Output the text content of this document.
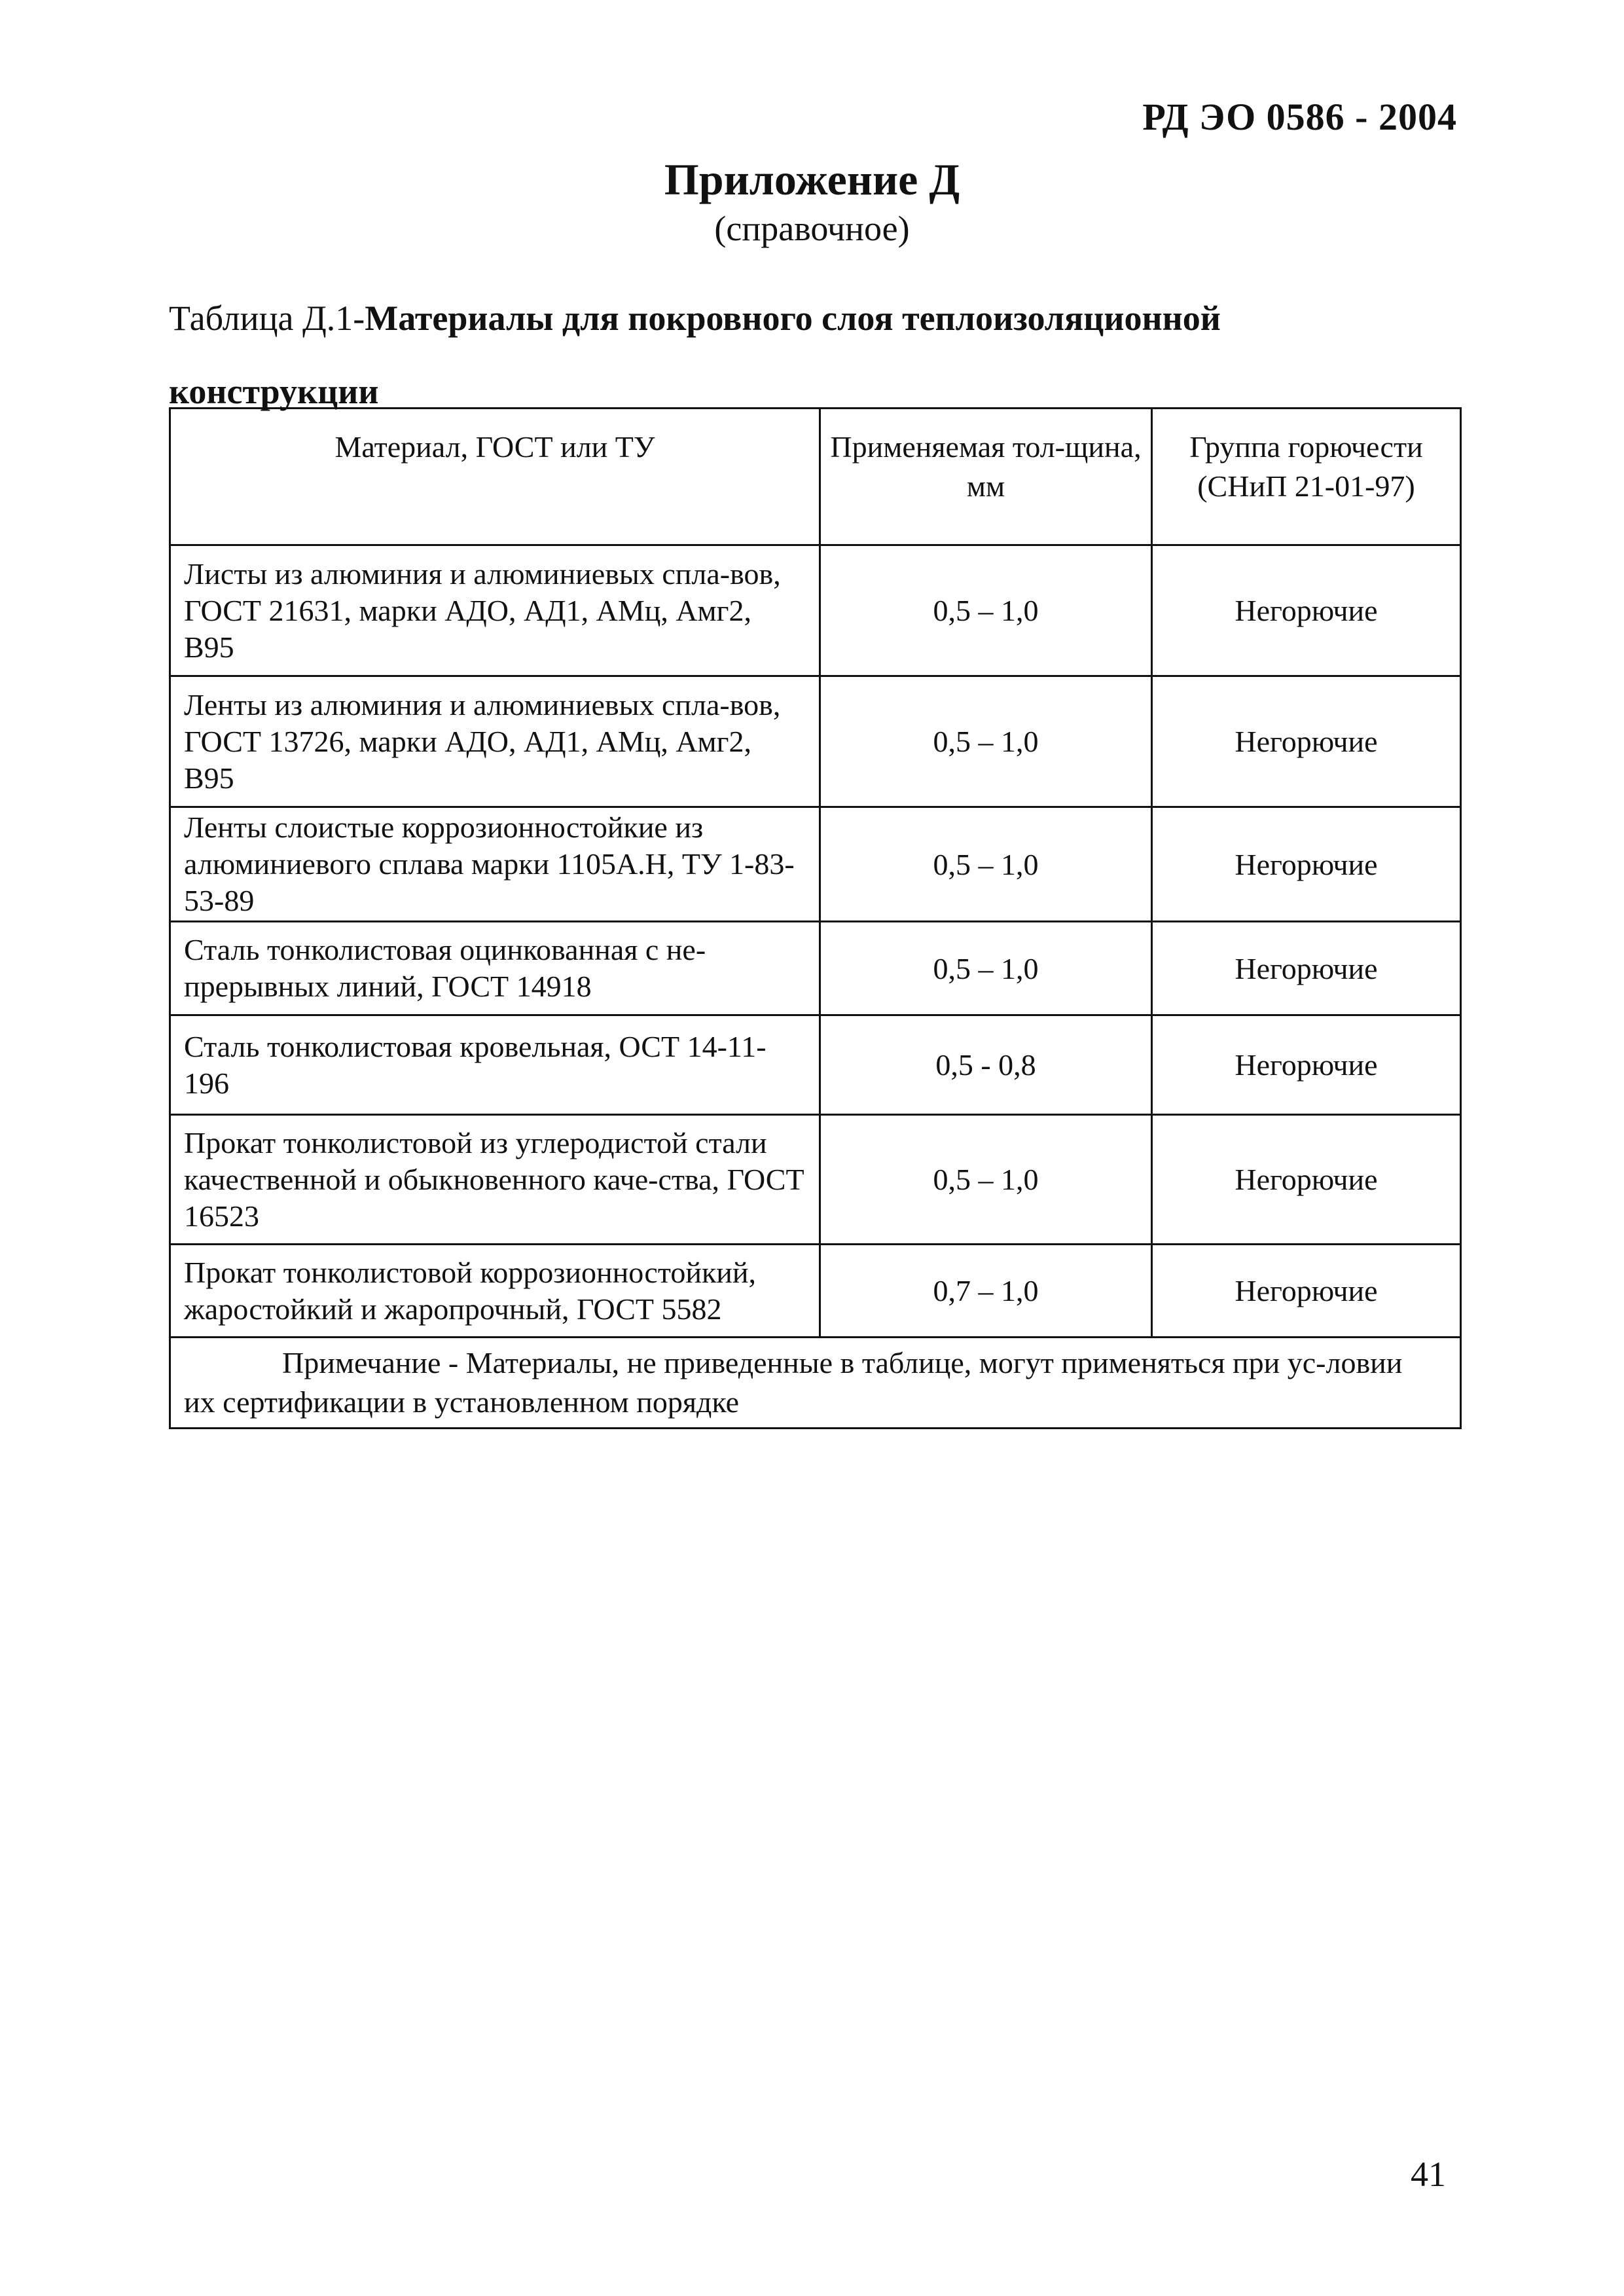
РД ЭО 0586 - 2004
Приложение Д
(справочное)
Таблица Д.1-Материалы для покровного слоя теплоизоляционной конструкции
Материал, ГОСТ или ТУ	Применяемая тол-щина, мм	Группа горючести (СНиП 21-01-97)
Листы из алюминия и алюминиевых спла-вов, ГОСТ 21631, марки АДО, АД1, АМц, Амг2, В95	0,5 – 1,0	Негорючие
Ленты из алюминия и алюминиевых спла-вов, ГОСТ 13726, марки АДО, АД1, АМц, Амг2, В95	0,5 – 1,0	Негорючие
Ленты слоистые коррозионностойкие из алюминиевого сплава марки 1105А.Н, ТУ 1-83-53-89	0,5 – 1,0	Негорючие
Сталь тонколистовая оцинкованная с не-прерывных линий, ГОСТ 14918	0,5 – 1,0	Негорючие
Сталь тонколистовая кровельная, ОСТ 14-11-196	0,5 - 0,8	Негорючие
Прокат тонколистовой из углеродистой стали качественной и обыкновенного каче-ства, ГОСТ 16523	0,5 – 1,0	Негорючие
Прокат тонколистовой коррозионностойкий, жаростойкий и жаропрочный, ГОСТ 5582	0,7 – 1,0	Негорючие
Примечание - Материалы, не приведенные в таблице, могут применяться при ус-ловии их сертификации в установленном порядке		
41
